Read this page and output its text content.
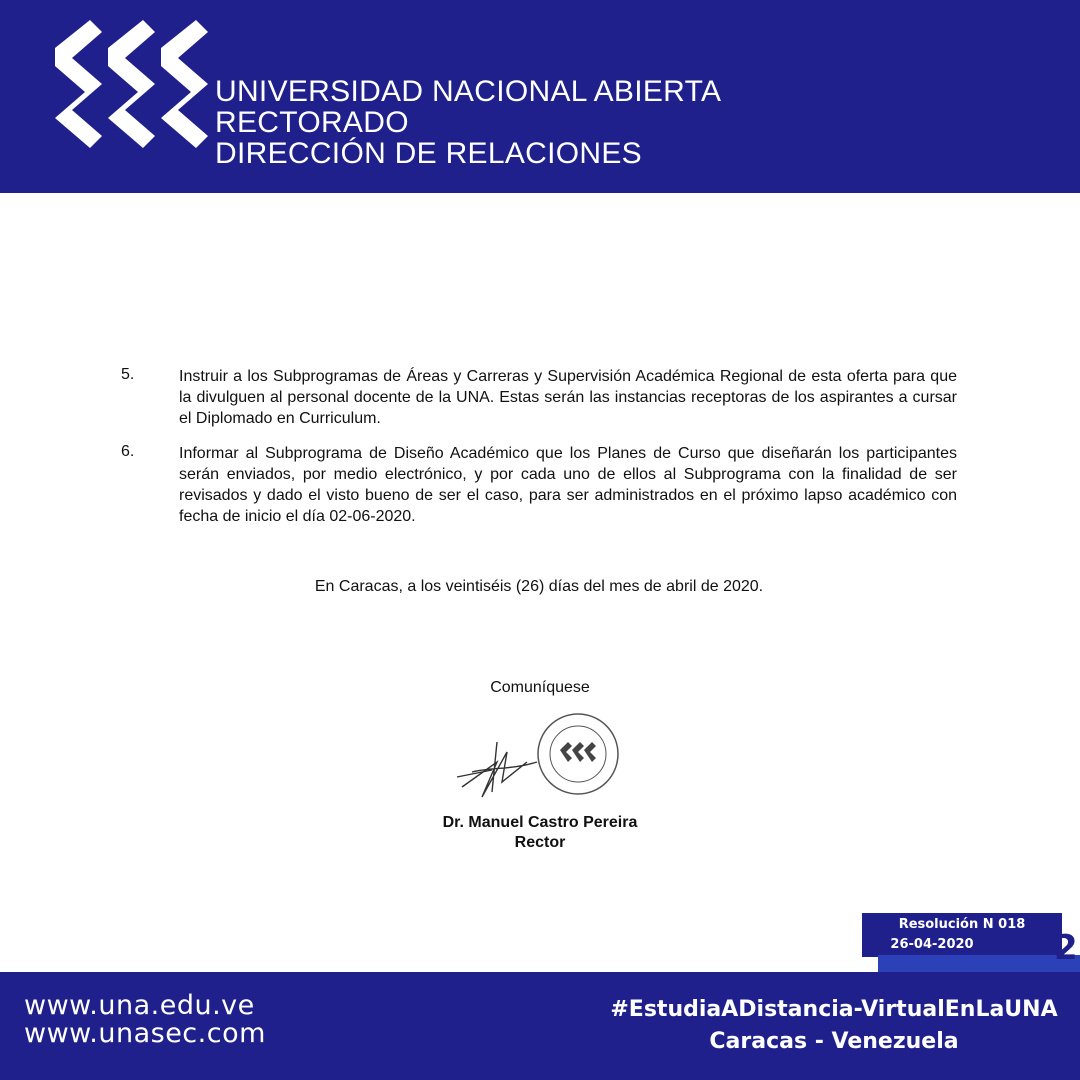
UNIVERSIDAD NACIONAL ABIERTA
RECTORADO
DIRECCIÓN DE RELACIONES
5.	Instruir a los Subprogramas de Áreas y Carreras y Supervisión Académica Regional de esta oferta para que la divulguen al personal docente de la UNA. Estas serán las instancias receptoras de los aspirantes a cursar el Diplomado en Curriculum.
6.	Informar al Subprograma de Diseño Académico que los Planes de Curso que diseñarán los participantes serán enviados, por medio electrónico, y por cada uno de ellos al Subprograma con la finalidad de ser revisados y dado el visto bueno de ser el caso, para ser administrados en el próximo lapso académico con fecha de inicio el día 02-06-2020.
En Caracas, a los veintiséis (26) días del mes de abril de 2020.
Comuníquese
Dr. Manuel Castro Pereira
Rector
Resolución N 018
26-04-2020	2
www.una.edu.ve
www.unasec.com
#EstudiaADistancia-VirtualEnLaUNA
Caracas - Venezuela
